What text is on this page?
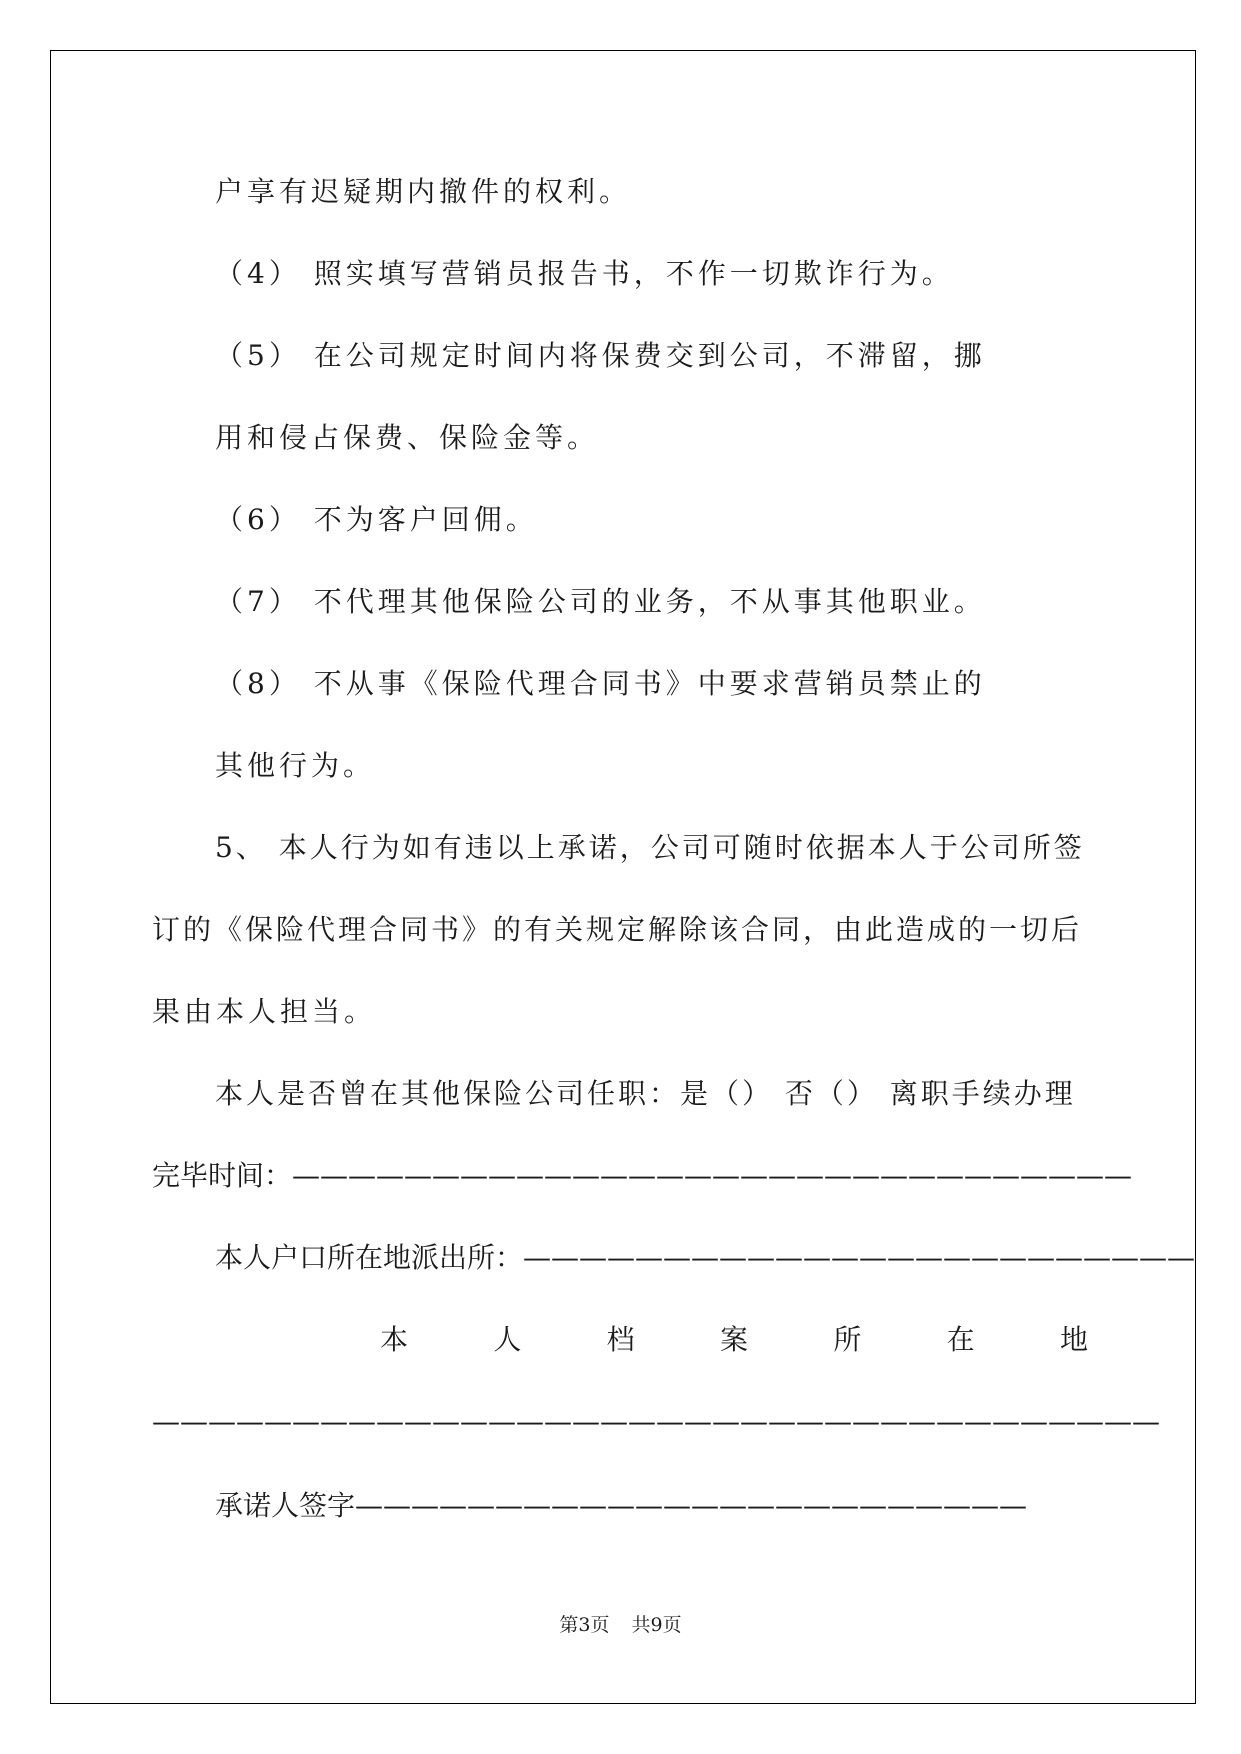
户享有迟疑期内撤件的权利。
（4） 照实填写营销员报告书，不作一切欺诈行为。
（5） 在公司规定时间内将保费交到公司，不滞留，挪
用和侵占保费、保险金等。
（6） 不为客户回佣。
（7） 不代理其他保险公司的业务，不从事其他职业。
（8） 不从事《保险代理合同书》中要求营销员禁止的
其他行为。
5、 本人行为如有违以上承诺，公司可随时依据本人于公司所签
订的《保险代理合同书》的有关规定解除该合同，由此造成的一切后
果由本人担当。
本人是否曾在其他保险公司任职：是（） 否（） 离职手续办理
完毕时间：——————————————————————————————
本人户口所在地派出所：————————————————————————
本	人	档	案	所	在	地
————————————————————————————————————
承诺人签字————————————————————————
第3页 共9页
